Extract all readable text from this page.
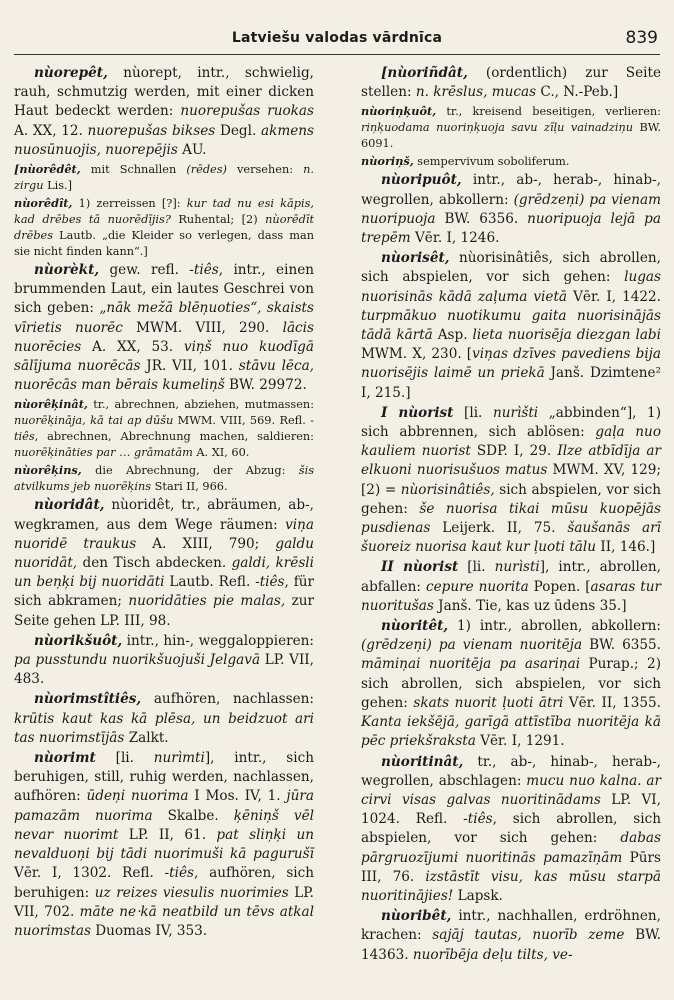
Latviešu valodas vārdnīca	839

nùorepêt, nùorept, intr., schwielig, rauh, schmutzig werden, mit einer dicken Haut bedeckt werden: nuorepušas ruokas A. XX, 12. nuorepušas bikses Degl. akmens nuosūnuojis, nuorepējis AU.

[nùorêdêt, mit Schnallen (rēdes) versehen: n. zirgu Lis.]

nùorêdît, 1) zerreissen [?]: kur tad nu esi kāpis, kad drēbes tā nuorēdījis? Ruhental; [2) nùorēdīt drēbes Lautb. „die Kleider so verlegen, dass man sie nicht finden kann“.]

nùorèkt, gew. refl. -tiês, intr., einen brummenden Laut, ein lautes Geschrei von sich geben: „nāk mežā blēņuoties“, skaists vīrietis nuorēc MWM. VIII, 290. lācis nuorēcies A. XX, 53. viņš nuo kuodīgā sālījuma nuorēcās JR. VII, 101. stāvu lēca, nuorēcās man bērais kumeliņš BW. 29972.

nùorêķinât, tr., abrechnen, abziehen, mutmassen: nuorēķināja, kā tai ap dūšu MWM. VIII, 569. Refl. -tiês, abrechnen, Abrechnung machen, saldieren: nuorēķināties par … grāmatām A. XI, 60.

nùorêķins, die Abrechnung, der Abzug: šis atvilkums jeb nuorēķins Stari II, 966.

nùoridât, nùoridêt, tr., abräumen, ab-, wegkramen, aus dem Wege räumen: viņa nuoridē traukus A. XIII, 790; galdu nuoridāt, den Tisch abdecken. galdi, krēsli un beņķi bij nuoridāti Lautb. Refl. -tiês, für sich abkramen; nuoridāties pie malas, zur Seite gehen LP. III, 98.

nùorikšuôt, intr., hin-, weggaloppieren: pa pusstundu nuorikšuojuši Jelgavā LP. VII, 483.

nùorimstîtiês, aufhören, nachlassen: krūtis kaut kas kā plēsa, un beidzuot ari tas nuorimstījās Zalkt.

nùorimt [li. nurìmti], intr., sich beruhigen, still, ruhig werden, nachlassen, aufhören: ūdeņi nuorima I Mos. IV, 1. jūra pamazām nuorima Skalbe. ķēniņš vēl nevar nuorimt LP. II, 61. pat sliņķi un nevalduoņi bij tādi nuorimuši kā pagurušī Vēr. I, 1302. Refl. -tiês, aufhören, sich beruhigen: uz reizes viesulis nuorimies LP. VII, 702. māte ne‧kā neatbild un tēvs atkal nuorimstas Duomas IV, 353.

[nùoriñdât, (ordentlich) zur Seite stellen: n. krēslus, mucas C., N.-Peb.]

nùoriņķuôt, tr., kreisend beseitigen, verlieren: riņķuodama nuoriņķuoja savu zīļu vainadziņu BW. 6091.

nùoriņš, sempervivum soboliferum.

nùoripuôt, intr., ab-, herab-, hinab-, wegrollen, abkollern: (grēdzeņi) pa vienam nuoripuoja BW. 6356. nuoripuoja lejā pa trepēm Vēr. I, 1246.

nùorisêt, nùorisinâtiês, sich abrollen, sich abspielen, vor sich gehen: lugas nuorisinās kādā zaļuma vietā Vēr. I, 1422. turpmākuo nuotikumu gaita nuorisinājās tādā kārtā Asp. lieta nuorisēja diezgan labi MWM. X, 230. [viņas dzīves pavediens bija nuorisējis laimē un priekā Janš. Dzimtene² I, 215.]

I nùorist [li. nurìšti „abbinden“], 1) sich abbrennen, sich ablösen: gaļa nuo kauliem nuorist SDP. I, 29. Ilze atbīdīja ar elkuoni nuorisušuos matus MWM. XV, 129; [2) = nùorisinâtiês, sich abspielen, vor sich gehen: še nuorisa tikai mūsu kuopējās pusdienas Leijerk. II, 75. šaušanās arī šuoreiz nuorisa kaut kur ļuoti tālu II, 146.]

II nùorist [li. nurìsti], intr., abrollen, abfallen: cepure nuorita Popen. [asaras tur nuoritušas Janš. Tie, kas uz ūdens 35.]

nùoritêt, 1) intr., abrollen, abkollern: (grēdzeņi) pa vienam nuoritēja BW. 6355. māmiņai nuoritēja pa asariņai Purap.; 2) sich abrollen, sich abspielen, vor sich gehen: skats nuorit ļuoti ātri Vēr. II, 1355. Kanta iekšējā, garīgā attīstība nuoritēja kā pēc priekšraksta Vēr. I, 1291.

nùoritinât, tr., ab-, hinab-, herab-, wegrollen, abschlagen: mucu nuo kalna. ar cirvi visas galvas nuoritinādams LP. VI, 1024. Refl. -tiês, sich abrollen, sich abspielen, vor sich gehen: dabas pārgruozījumi nuoritinās pamazīņām Pūrs III, 76. izstāstīt visu, kas mūsu starpā nuoritinājies! Lapsk.

nùoribêt, intr., nachhallen, erdröhnen, krachen: sajāj tautas, nuorīb zeme BW. 14363. nuorībēja deļu tilts, ve-
